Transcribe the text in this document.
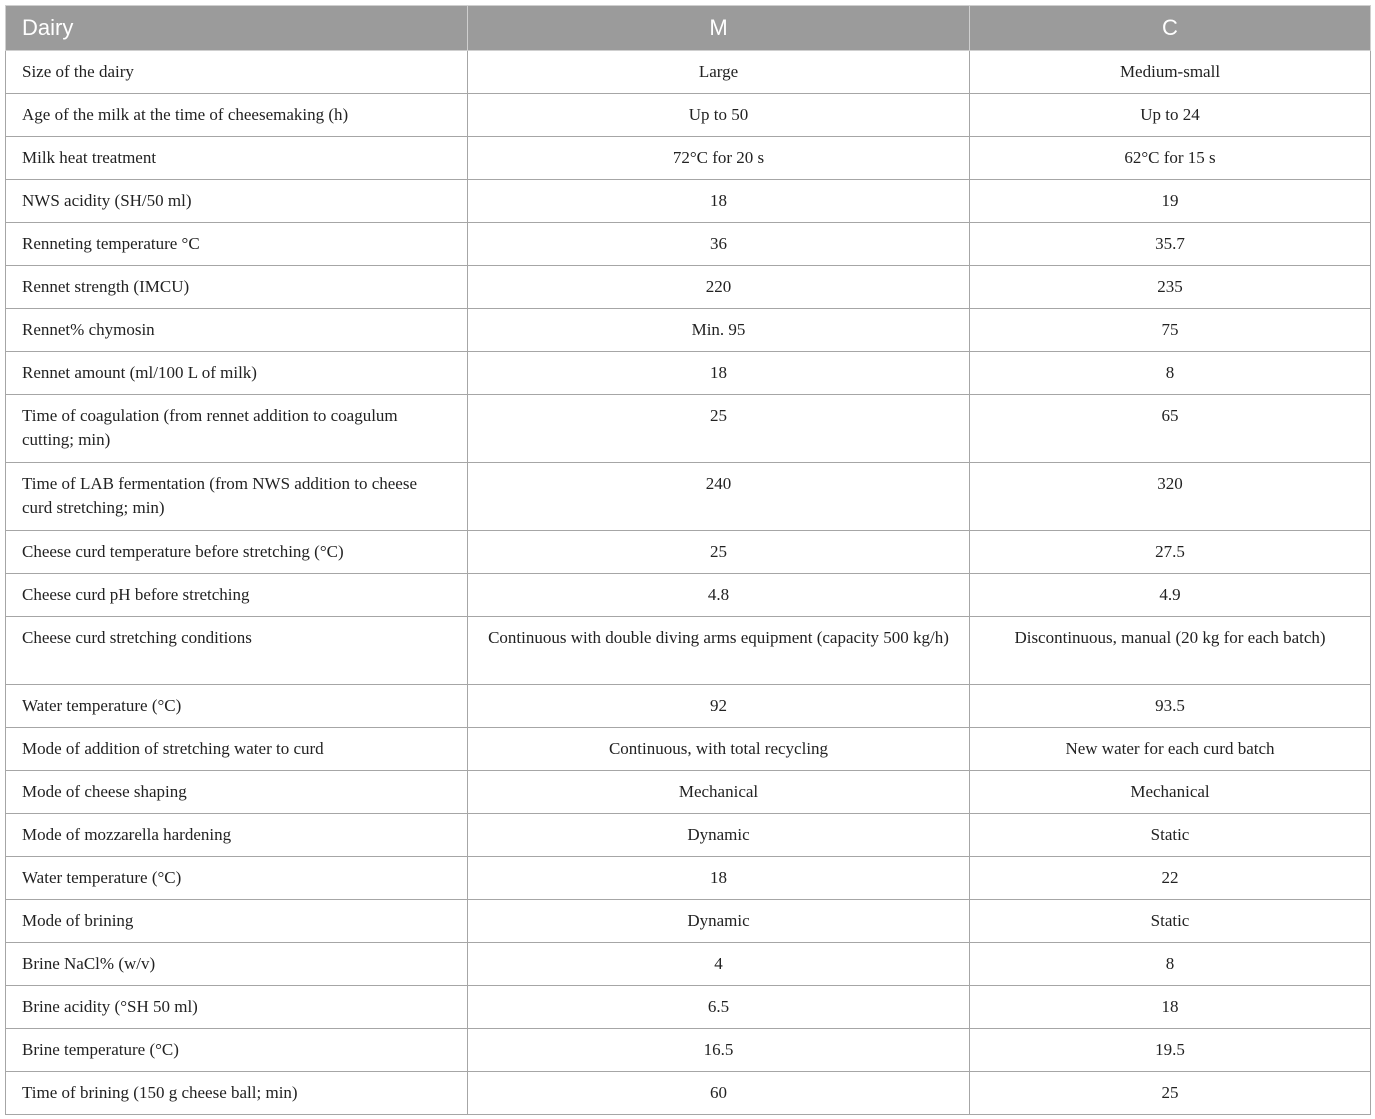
Dairy	M	C
Size of the dairy	Large	Medium-small
Age of the milk at the time of cheesemaking (h)	Up to 50	Up to 24
Milk heat treatment	72°C for 20 s	62°C for 15 s
NWS acidity (SH/50 ml)	18	19
Renneting temperature °C	36	35.7
Rennet strength (IMCU)	220	235
Rennet% chymosin	Min. 95	75
Rennet amount (ml/100 L of milk)	18	8
Time of coagulation (from rennet addition to coagulum cutting; min)	25	65
Time of LAB fermentation (from NWS addition to cheese curd stretching; min)	240	320
Cheese curd temperature before stretching (°C)	25	27.5
Cheese curd pH before stretching	4.8	4.9
Cheese curd stretching conditions	Continuous with double diving arms equipment (capacity 500 kg/h)	Discontinuous, manual (20 kg for each batch)
Water temperature (°C)	92	93.5
Mode of addition of stretching water to curd	Continuous, with total recycling	New water for each curd batch
Mode of cheese shaping	Mechanical	Mechanical
Mode of mozzarella hardening	Dynamic	Static
Water temperature (°C)	18	22
Mode of brining	Dynamic	Static
Brine NaCl% (w/v)	4	8
Brine acidity (°SH 50 ml)	6.5	18
Brine temperature (°C)	16.5	19.5
Time of brining (150 g cheese ball; min)	60	25
